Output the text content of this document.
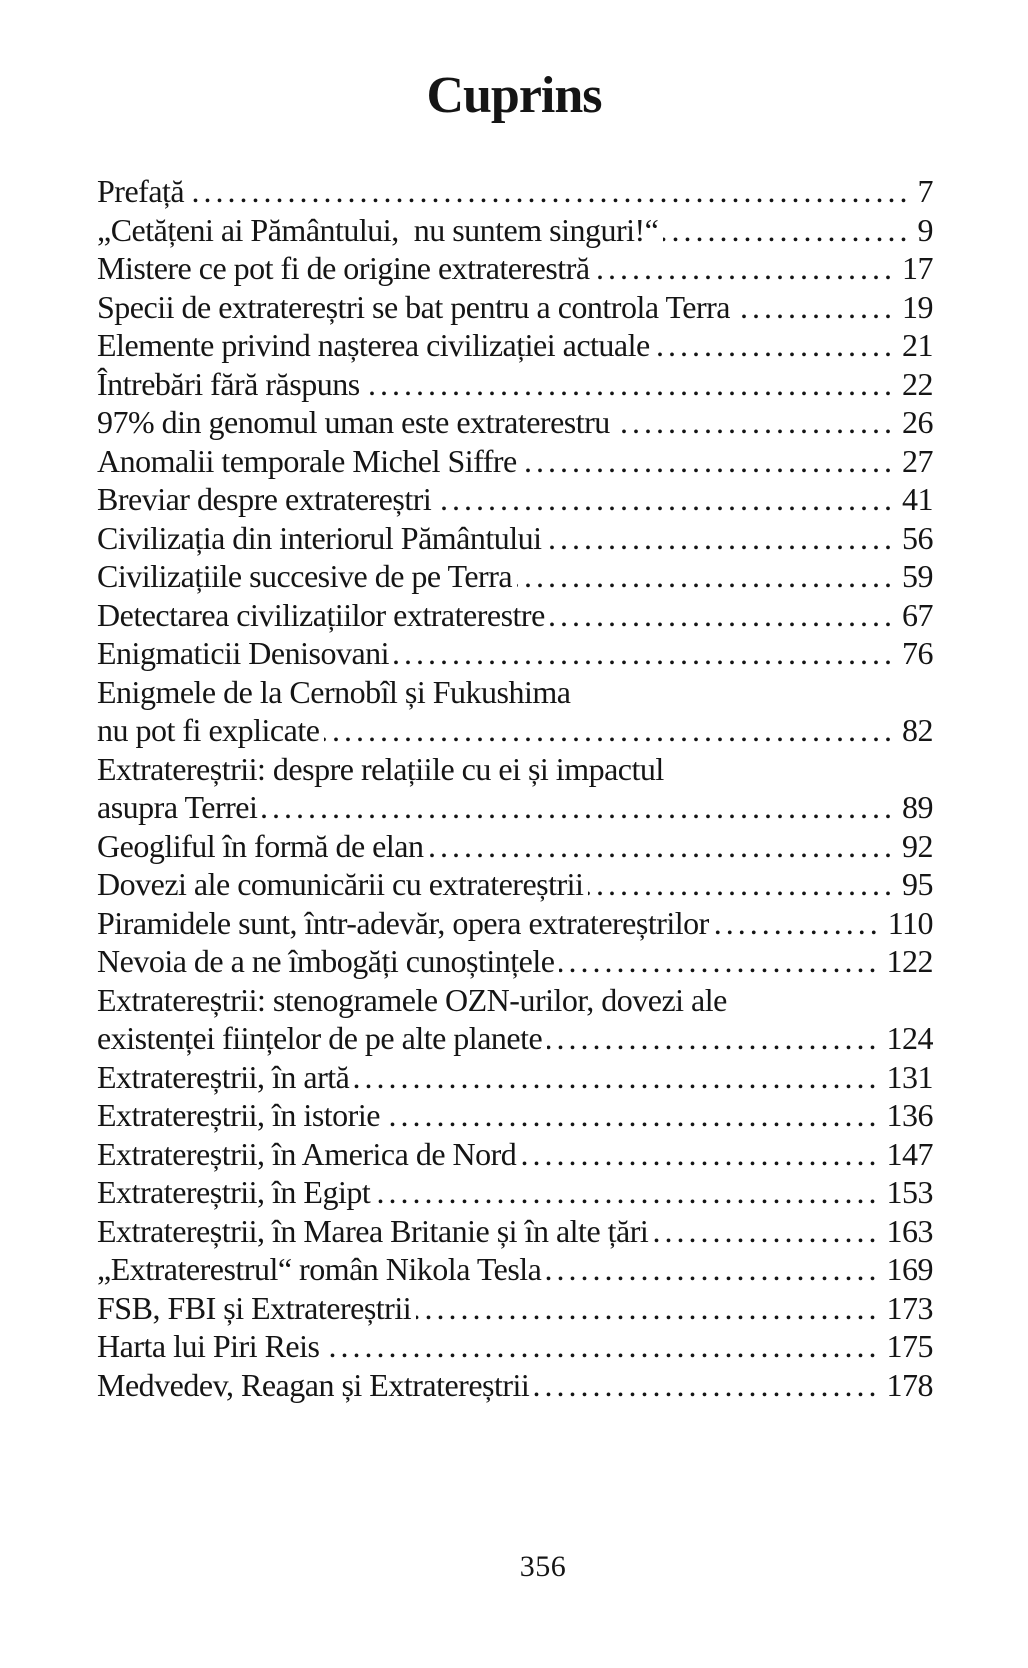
Cuprins
Prefață .....	7
„Cetățeni ai Pământului,  nu suntem singuri!“ .....	9
Mistere ce pot fi de origine extraterestră .....	17
Specii de extratereștri se bat pentru a controla Terra .....	19
Elemente privind nașterea civilizației actuale .....	21
Întrebări fără răspuns .....	22
97% din genomul uman este extraterestru .....	26
Anomalii temporale Michel Siffre .....	27
Breviar despre extratereștri .....	41
Civilizația din interiorul Pământului .....	56
Civilizațiile succesive de pe Terra .....	59
Detectarea civilizațiilor extraterestre .....	67
Enigmaticii Denisovani .....	76
Enigmele de la Cernobîl și Fukushima
nu pot fi explicate .....	82
Extratereștrii: despre relațiile cu ei și impactul
asupra Terrei .....	89
Geogliful în formă de elan .....	92
Dovezi ale comunicării cu extratereștrii .....	95
Piramidele sunt, într-adevăr, opera extratereștrilor .....	110
Nevoia de a ne îmbogăți cunoștințele .....	122
Extratereștrii: stenogramele OZN-urilor, dovezi ale
existenței ființelor de pe alte planete .....	124
Extratereștrii, în artă .....	131
Extratereștrii, în istorie .....	136
Extratereștrii, în America de Nord .....	147
Extratereștrii, în Egipt .....	153
Extratereștrii, în Marea Britanie și în alte țări .....	163
„Extraterestrul“ român Nikola Tesla .....	169
FSB, FBI și Extratereștrii .....	173
Harta lui Piri Reis .....	175
Medvedev, Reagan și Extratereștrii .....	178
356
